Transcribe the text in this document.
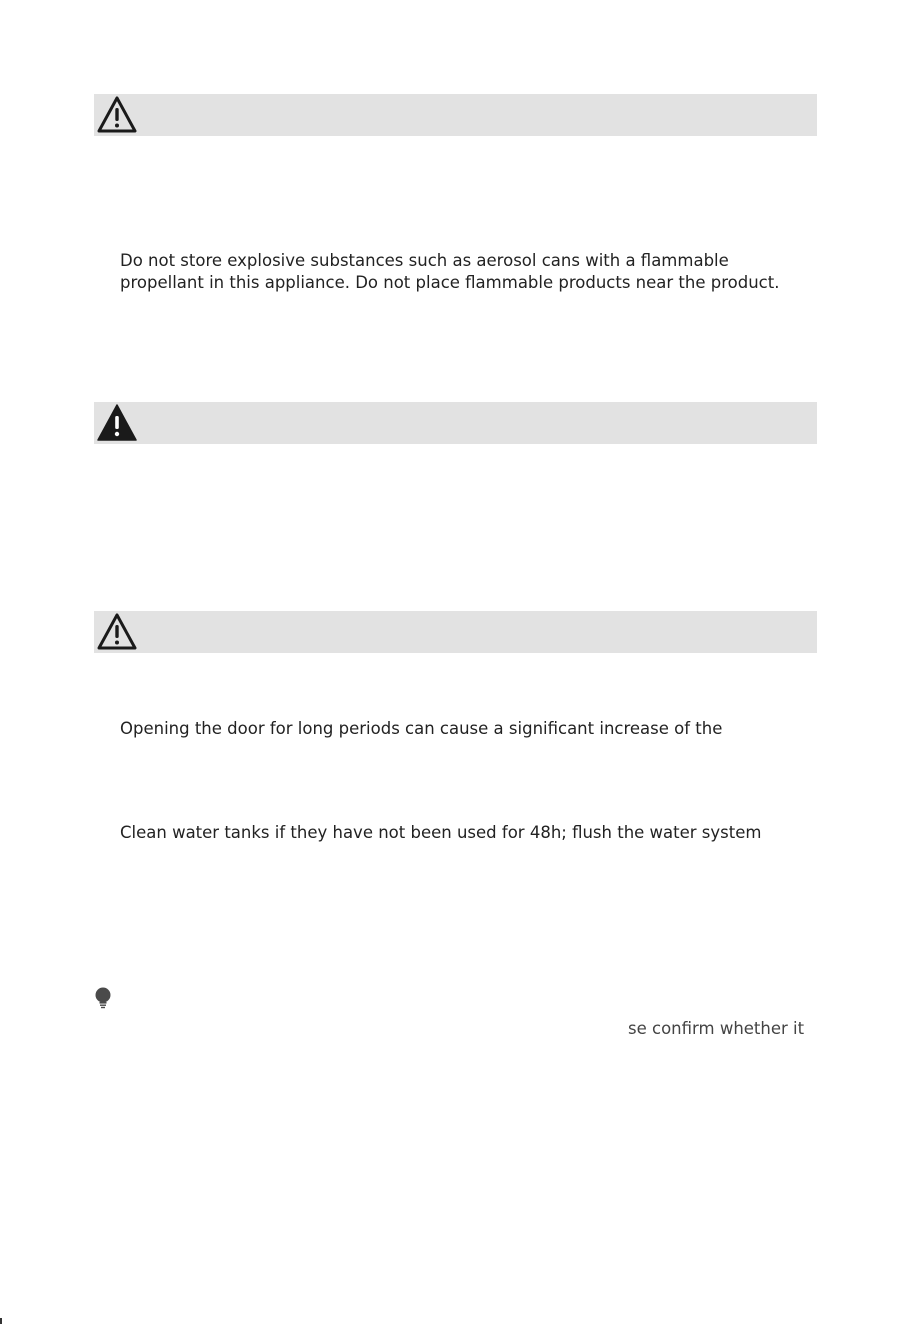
Do not store explosive substances such as aerosol cans with a flammable
propellant in this appliance. Do not place flammable products near the product.
Opening the door for long periods can cause a significant increase of the
Clean water tanks if they have not been used for 48h; flush the water system
se confirm whether it
